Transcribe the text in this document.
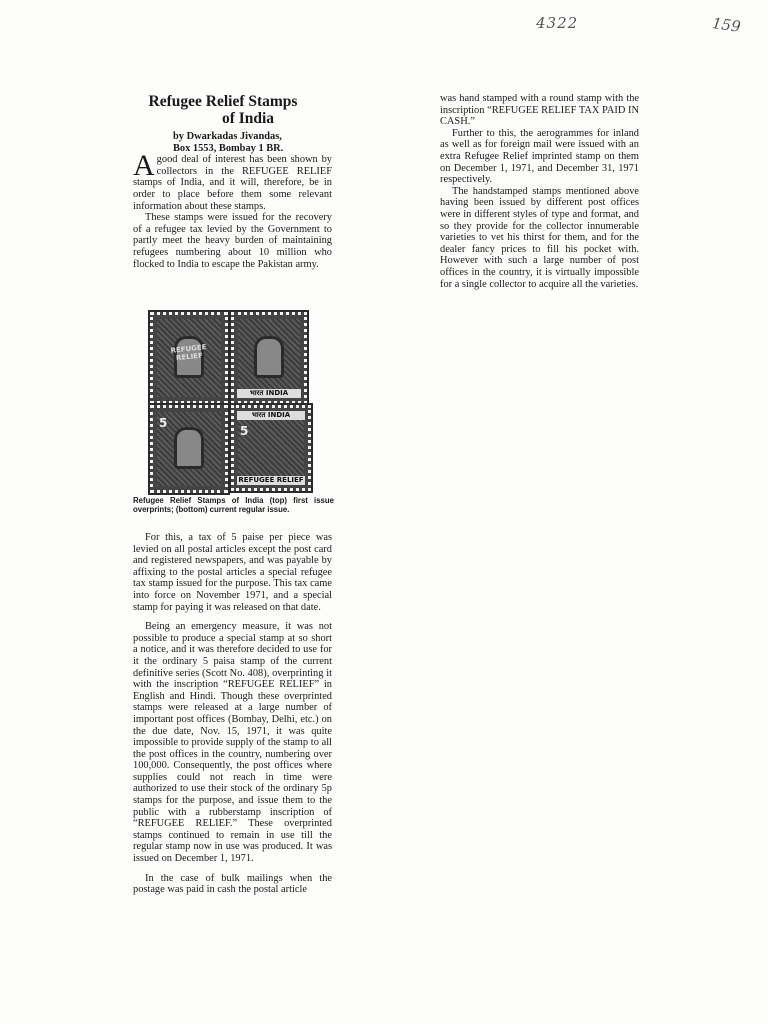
4322	159
Refugee Relief Stamps
of India
by Dwarkadas Jivandas,
Box 1553, Bombay 1 BR.

Agood deal of interest has been shown by collectors in the REFUGEE RELIEF stamps of India, and it will, therefore, be in order to place before them some relevant information about these stamps.

These stamps were issued for the recovery of a refugee tax levied by the Government to partly meet the heavy burden of maintaining refugees numbering about 10 million who flocked to India to escape the Pakistan army.

REFUGEE RELIEF
भारत INDIA
5
भारत INDIA
5
REFUGEE RELIEF
Refugee Relief Stamps of India (top) first issue overprints; (bottom) current regular issue.

For this, a tax of 5 paise per piece was levied on all postal articles except the post card and registered newspapers, and was payable by affixing to the postal articles a special refugee tax stamp issued for the purpose. This tax came into force on November 1971, and a special stamp for paying it was released on that date.

Being an emergency measure, it was not possible to produce a special stamp at so short a notice, and it was therefore decided to use for it the ordinary 5 paisa stamp of the current definitive series (Scott No. 408), overprinting it with the inscription “REFUGEE RELIEF” in English and Hindi. Though these overprinted stamps were released at a large number of important post offices (Bombay, Delhi, etc.) on the due date, Nov. 15, 1971, it was quite impossible to provide supply of the stamp to all the post offices in the country, numbering over 100,000. Consequently, the post offices where supplies could not reach in time were authorized to use their stock of the ordinary 5p stamps for the purpose, and issue them to the public with a rubberstamp inscription of “REFUGEE RELIEF.” These overprinted stamps continued to remain in use till the regular stamp now in use was produced. It was issued on December 1, 1971.

In the case of bulk mailings when the postage was paid in cash the postal article

was hand stamped with a round stamp with the inscription “REFUGEE RELIEF TAX PAID IN CASH.”

Further to this, the aerogrammes for inland as well as for foreign mail were issued with an extra Refugee Relief imprinted stamp on them on December 1, 1971, and December 31, 1971 respectively.

The handstamped stamps mentioned above having been issued by different post offices were in different styles of type and format, and so they provide for the collector innumerable varieties to vet his thirst for them, and for the dealer fancy prices to fill his pocket with. However with such a large number of post offices in the country, it is virtually impossible for a single collector to acquire all the varieties.
